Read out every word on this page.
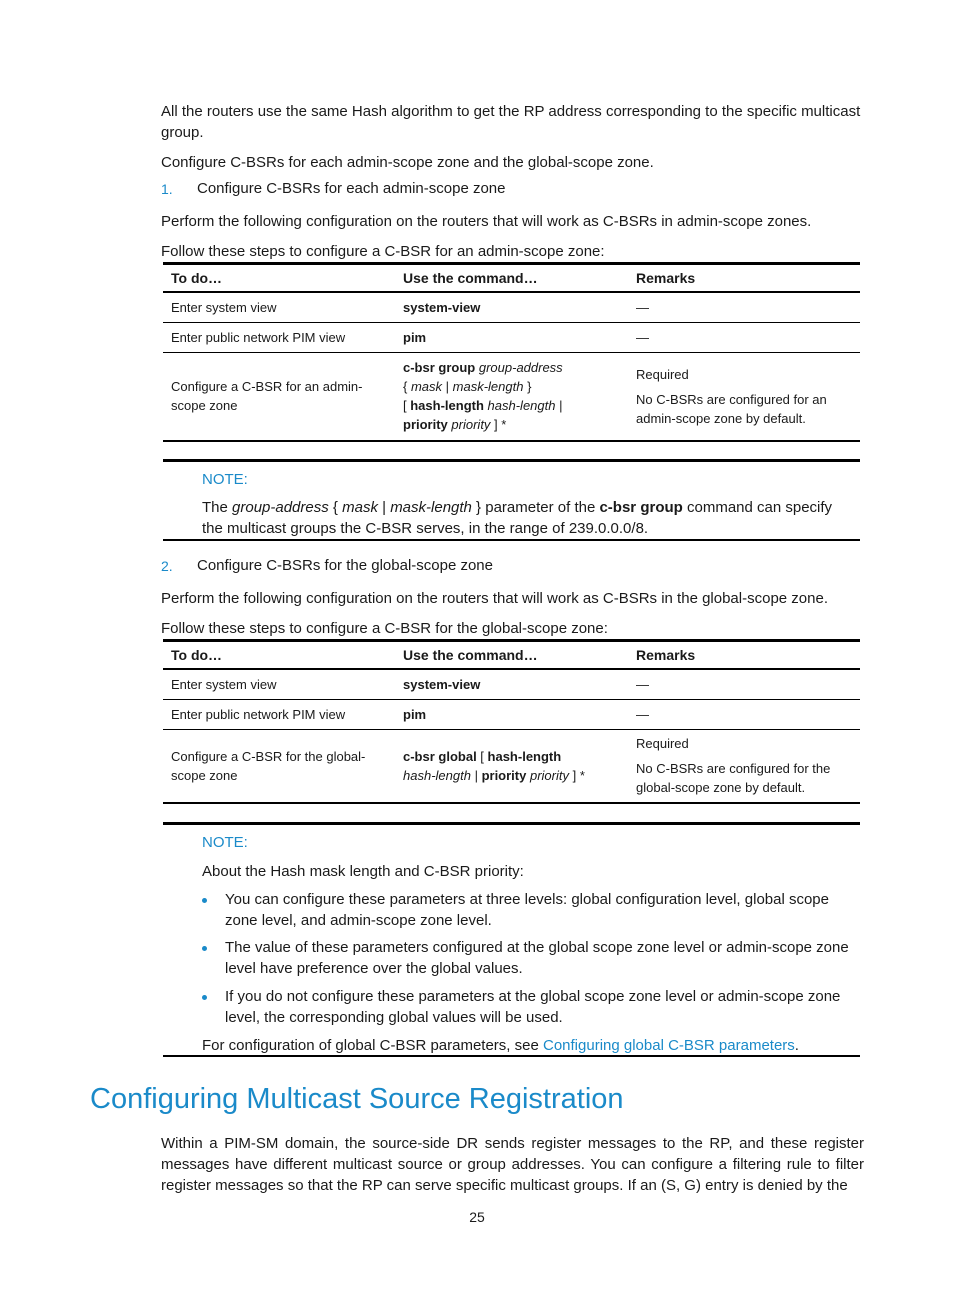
All the routers use the same Hash algorithm to get the RP address corresponding to the specific multicast group.

Configure C-BSRs for each admin-scope zone and the global-scope zone.

1. Configure C-BSRs for each admin-scope zone

Perform the following configuration on the routers that will work as C-BSRs in admin-scope zones.

Follow these steps to configure a C-BSR for an admin-scope zone:

To do…	Use the command…	Remarks
Enter system view	system-view	—
Enter public network PIM view	pim	—
Configure a C-BSR for an admin-scope zone	c-bsr group group-address
{ mask | mask-length }
[ hash-length hash-length |
priority priority ] *	Required
No C-BSRs are configured for an admin-scope zone by default.
NOTE:
The group-address { mask | mask-length } parameter of the c-bsr group command can specify the multicast groups the C-BSR serves, in the range of 239.0.0.0/8.
2. Configure C-BSRs for the global-scope zone

Perform the following configuration on the routers that will work as C-BSRs in the global-scope zone.

Follow these steps to configure a C-BSR for the global-scope zone:

To do…	Use the command…	Remarks
Enter system view	system-view	—
Enter public network PIM view	pim	—
Configure a C-BSR for the global-scope zone	c-bsr global [ hash-length
hash-length | priority priority ] *	Required
No C-BSRs are configured for the global-scope zone by default.
NOTE:
About the Hash mask length and C-BSR priority:
You can configure these parameters at three levels: global configuration level, global scope zone level, and admin-scope zone level.
The value of these parameters configured at the global scope zone level or admin-scope zone level have preference over the global values.
If you do not configure these parameters at the global scope zone level or admin-scope zone level, the corresponding global values will be used.
For configuration of global C-BSR parameters, see Configuring global C-BSR parameters.
Configuring Multicast Source Registration

Within a PIM-SM domain, the source-side DR sends register messages to the RP, and these register messages have different multicast source or group addresses. You can configure a filtering rule to filter register messages so that the RP can serve specific multicast groups. If an (S, G) entry is denied by the

25
